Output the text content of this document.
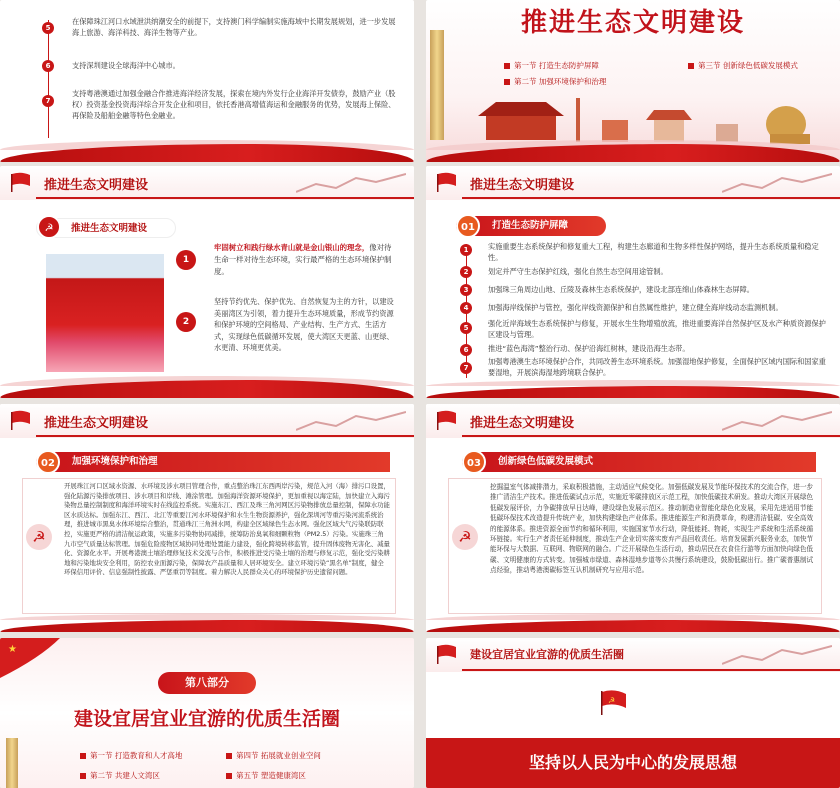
5
在保障珠江河口水域泄洪纳潮安全的前提下，支持澳门科学编制实施海域中长期发展规划，进一步发展海上旅游、海洋科技、海洋生物等产业。
6	支持深圳建设全球海洋中心城市。
7
支持粤港澳通过加强金融合作推进海洋经济发展，探索在境内外发行企业海洋开发债券，鼓励产业（股权）投资基金投资海洋综合开发企业和项目，依托香港高增值海运和金融服务的优势，发展海上保险、再保险及船舶金融等特色金融业。
推进生态文明建设
第一节 打造生态防护屏障	第三节 创新绿色低碳发展模式
第二节 加强环境保护和治理
推进生态文明建设
☭	推进生态文明建设
1
牢固树立和践行绿水青山就是金山银山的理念，像对待生命一样对待生态环境，实行最严格的生态环境保护制度。
2
坚持节约优先、保护优先、自然恢复为主的方针，以建设美丽湾区为引领，着力提升生态环境质量，形成节约资源和保护环境的空间格局、产业结构、生产方式、生活方式，实现绿色低碳循环发展，使大湾区天更蓝、山更绿、水更清、环境更优美。
推进生态文明建设
01	打造生态防护屏障
1	实施重要生态系统保护和修复重大工程，构建生态廊道和生物多样性保护网络，提升生态系统质量和稳定性。
2	划定并严守生态保护红线，强化自然生态空间用途管制。
3	加强珠三角周边山地、丘陵及森林生态系统保护，建设北部连绵山体森林生态屏障。
4	加强海岸线保护与管控，强化岸线资源保护和自然属性维护，建立健全海岸线动态监测机制。
5	强化近岸海域生态系统保护与修复，开展水生生物增殖放流，推进重要海洋自然保护区及水产种质资源保护区建设与管理。
6	推进“蓝色海湾”整治行动、保护沿海红树林，建设沿海生态带。
7
加强粤港澳生态环境保护合作，共同改善生态环境系统。加强湿地保护修复，全面保护区域内国际和国家重要湿地，开展滨海湿地跨境联合保护。
推进生态文明建设
02	加强环境保护和治理
开展珠江河口区域水资源、水环境及涉水项目管理合作，重点整治珠江东西两岸污染，规范入河（海）排污口设置，强化陆源污染排放项目、涉水项目和岸线、滩涂管理。加强海洋资源环境保护，更加重视以海定陆，加快建立入海污染物总量控制制度和海洋环境实时在线监控系统。实施东江、西江及珠三角河网区污染物排放总量控制，保障水功能区水质达标。加强东江、西江、北江等重要江河水环境保护和水生生物资源养护，强化深圳河等重污染河流系统治理，推进城市黑臭水体环境综合整治，贯通珠江三角洲水网，构建全区域绿色生态水网。强化区域大气污染联防联控，实施更严格的清洁航运政策，实施多污染物协同减排，统筹防治臭氧和细颗粒物（PM2.5）污染。实施珠三角九市空气质量达标管理。加强危险废物区域协同处理处置能力建设，强化跨境转移监管，提升固体废物无害化、减量化、资源化水平。开展粤港澳土壤治理修复技术交流与合作，积极推进受污染土壤的治理与修复示范，强化受污染耕地和污染地块安全利用，防控农业面源污染，保障农产品质量和人居环境安全。建立环境污染“黑名单”制度，健全环保信用评价、信息强制性披露、严惩重罚等制度。着力解决人民群众关心的环境保护历史遗留问题。
☭
推进生态文明建设
03	创新绿色低碳发展模式
挖掘温室气体减排潜力，采取积极措施，主动适应气候变化。加强低碳发展及节能环保技术的交流合作，进一步推广清洁生产技术。推进低碳试点示范，实施近零碳排放区示范工程，加快低碳技术研发。推动大湾区开展绿色低碳发展评价，力争碳排放早日达峰，建设绿色发展示范区。推动制造业智能化绿色化发展，采用先进适用节能低碳环保技术改造提升传统产业，加快构建绿色产业体系。推进能源生产和消费革命，构建清洁低碳、安全高效的能源体系。推进资源全面节约和循环利用，实施国家节水行动，降低能耗、物耗，实现生产系统和生活系统循环链接。实行生产者责任延伸制度，推动生产企业切实落实废弃产品回收责任。培育发展新兴服务业态，加快节能环保与大数据、互联网、物联网的融合。广泛开展绿色生活行动，推动居民在衣食住行游等方面加快向绿色低碳、文明健康的方式转变。加强城市绿道、森林湿地步道等公共慢行系统建设，鼓励低碳出行。推广碳普惠制试点经验，推动粤港澳碳标签互认机制研究与应用示范。
☭
★
第八部分
建设宜居宜业宜游的优质生活圈
第一节 打造教育和人才高地	第四节 拓展就业创业空间
第二节 共建人文湾区	第五节 塑造健康湾区
建设宜居宜业宜游的优质生活圈
☭
坚持以人民为中心的发展思想
